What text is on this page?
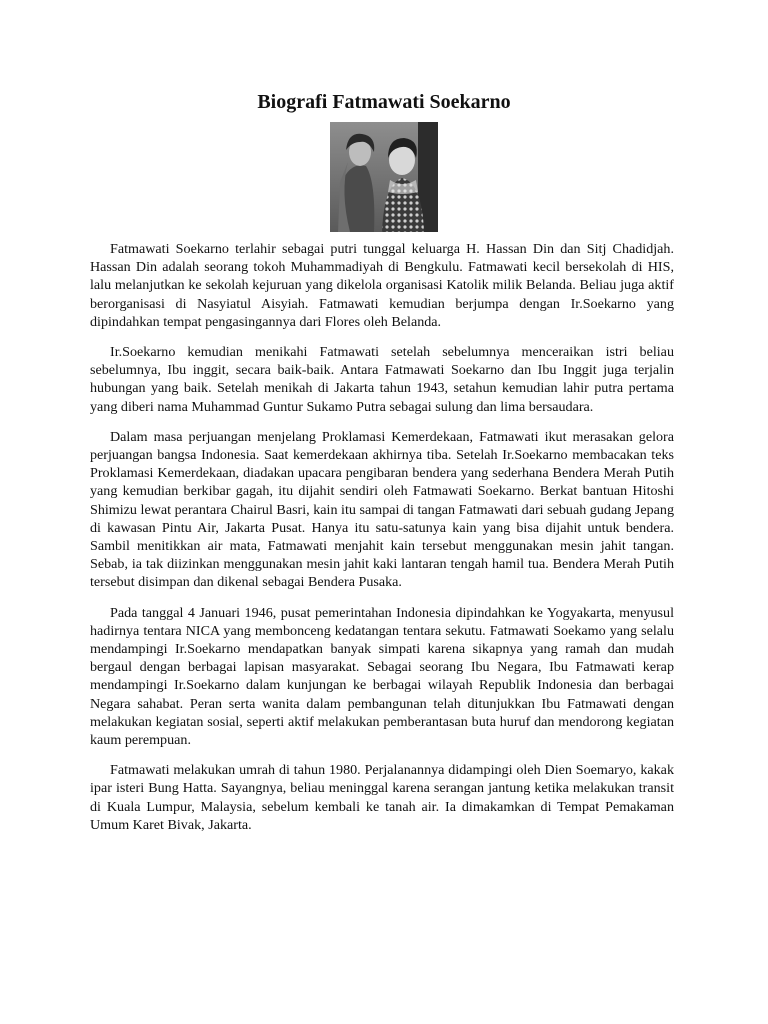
Biografi Fatmawati Soekarno

Fatmawati Soekarno terlahir sebagai putri tunggal keluarga H. Hassan Din dan Sitj Chadidjah. Hassan Din adalah seorang tokoh Muhammadiyah di Bengkulu. Fatmawati kecil bersekolah di HIS, lalu melanjutkan ke sekolah kejuruan yang dikelola organisasi Katolik milik Belanda. Beliau juga aktif berorganisasi di Nasyiatul Aisyiah. Fatmawati kemudian berjumpa dengan Ir.Soekarno yang dipindahkan tempat pengasingannya dari Flores oleh Belanda.

Ir.Soekarno kemudian menikahi Fatmawati setelah sebelumnya menceraikan istri beliau sebelumnya, Ibu inggit, secara baik-baik. Antara Fatmawati Soekarno dan Ibu Inggit juga terjalin hubungan yang baik. Setelah menikah di Jakarta tahun 1943, setahun kemudian lahir putra pertama yang diberi nama Muhammad Guntur Sukamo Putra sebagai sulung dan lima bersaudara.

Dalam masa perjuangan menjelang Proklamasi Kemerdekaan, Fatmawati ikut merasakan gelora perjuangan bangsa Indonesia. Saat kemerdekaan akhirnya tiba. Setelah Ir.Soekarno membacakan teks Proklamasi Kemerdekaan, diadakan upacara pengibaran bendera yang sederhana Bendera Merah Putih yang kemudian berkibar gagah, itu dijahit sendiri oleh Fatmawati Soekarno. Berkat bantuan Hitoshi Shimizu lewat perantara Chairul Basri, kain itu sampai di tangan Fatmawati dari sebuah gudang Jepang di kawasan Pintu Air, Jakarta Pusat. Hanya itu satu-satunya kain yang bisa dijahit untuk bendera. Sambil menitikkan air mata, Fatmawati menjahit kain tersebut menggunakan mesin jahit tangan. Sebab, ia tak diizinkan menggunakan mesin jahit kaki lantaran tengah hamil tua. Bendera Merah Putih tersebut disimpan dan dikenal sebagai Bendera Pusaka.

Pada tanggal 4 Januari 1946, pusat pemerintahan Indonesia dipindahkan ke Yogyakarta, menyusul hadirnya tentara NICA yang membonceng kedatangan tentara sekutu. Fatmawati Soekamo yang selalu mendampingi Ir.Soekarno mendapatkan banyak simpati karena sikapnya yang ramah dan mudah bergaul dengan berbagai lapisan masyarakat. Sebagai seorang Ibu Negara, Ibu Fatmawati kerap mendampingi Ir.Soekarno dalam kunjungan ke berbagai wilayah Republik Indonesia dan berbagai Negara sahabat. Peran serta wanita dalam pembangunan telah ditunjukkan Ibu Fatmawati dengan melakukan kegiatan sosial, seperti aktif melakukan pemberantasan buta huruf dan mendorong kegiatan kaum perempuan.

Fatmawati melakukan umrah di tahun 1980. Perjalanannya didampingi oleh Dien Soemaryo, kakak ipar isteri Bung Hatta. Sayangnya, beliau meninggal karena serangan jantung ketika melakukan transit di Kuala Lumpur, Malaysia, sebelum kembali ke tanah air. Ia dimakamkan di Tempat Pemakaman Umum Karet Bivak, Jakarta.
